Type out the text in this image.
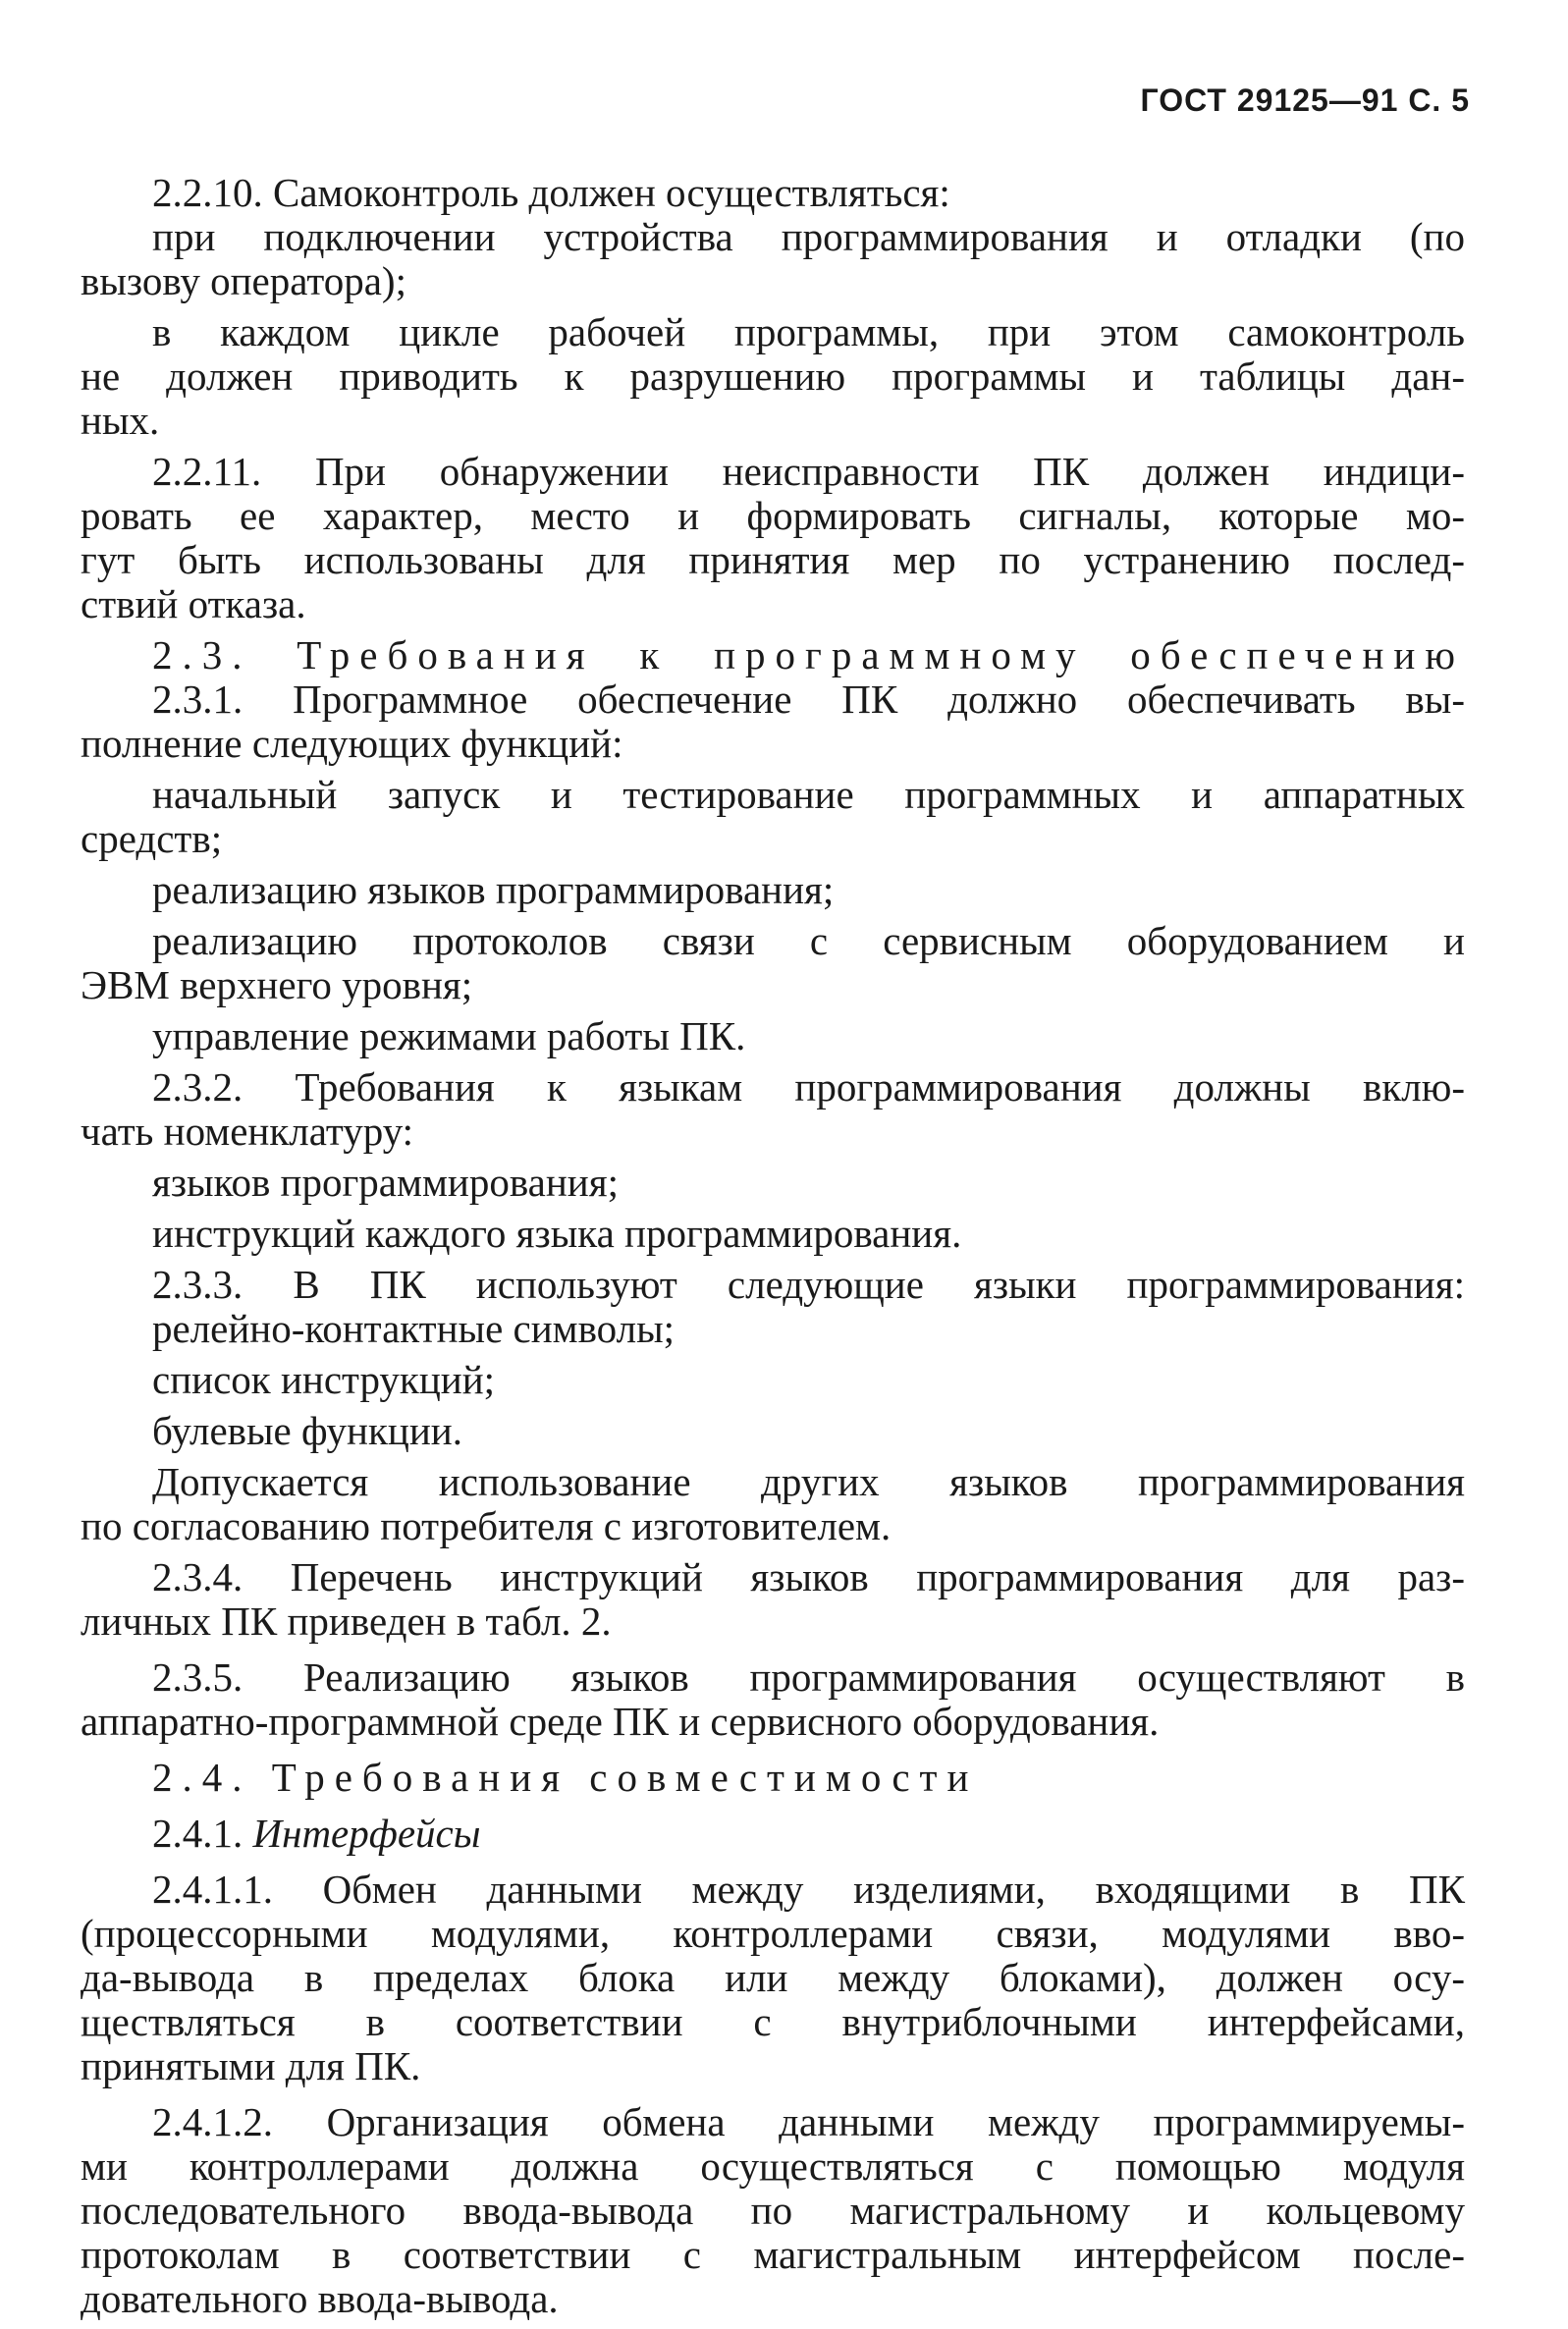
ГОСТ 29125—91 С. 5
2.2.10. Самоконтроль должен осуществляться:
при подключении устройства программирования и отладки (по
вызову оператора);
в каждом цикле рабочей программы, при этом самоконтроль
не должен приводить к разрушению программы и таблицы дан-
ных.
2.2.11. При обнаружении неисправности ПК должен индици-
ровать ее характер, место и формировать сигналы, которые мо-
гут быть использованы для принятия мер по устранению послед-
ствий отказа.
2.3. Требования к программному обеспечению
2.3.1. Программное обеспечение ПК должно обеспечивать вы-
полнение следующих функций:
начальный запуск и тестирование программных и аппаратных
средств;
реализацию языков программирования;
реализацию протоколов связи с сервисным оборудованием и
ЭВМ верхнего уровня;
управление режимами работы ПК.
2.3.2. Требования к языкам программирования должны вклю-
чать номенклатуру:
языков программирования;
инструкций каждого языка программирования.
2.3.3. В ПК используют следующие языки программирования:
релейно-контактные символы;
список инструкций;
булевые функции.
Допускается использование других языков программирования
по согласованию потребителя с изготовителем.
2.3.4. Перечень инструкций языков программирования для раз-
личных ПК приведен в табл. 2.
2.3.5. Реализацию языков программирования осуществляют в
аппаратно-программной среде ПК и сервисного оборудования.
2.4. Требования совместимости
2.4.1. Интерфейсы
2.4.1.1. Обмен данными между изделиями, входящими в ПК
(процессорными модулями, контроллерами связи, модулями вво-
да-вывода в пределах блока или между блоками), должен осу-
ществляться в соответствии с внутриблочными интерфейсами,
принятыми для ПК.
2.4.1.2. Организация обмена данными между программируемы-
ми контроллерами должна осуществляться с помощью модуля
последовательного ввода-вывода по магистральному и кольцевому
протоколам в соответствии с магистральным интерфейсом после-
довательного ввода-вывода.
